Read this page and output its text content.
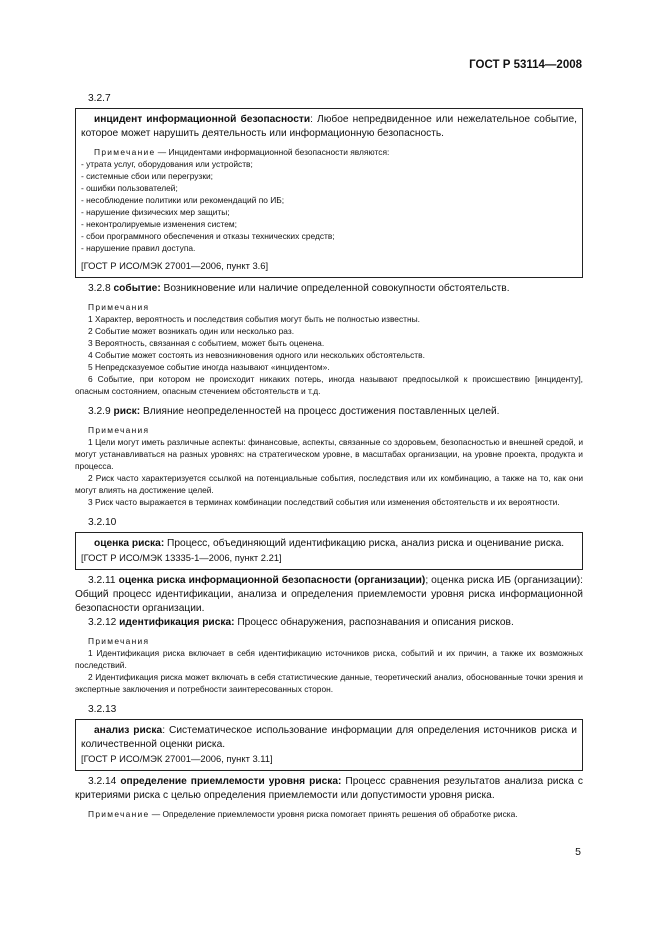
ГОСТ Р 53114—2008

3.2.7

инцидент информационной безопасности: Любое непредвиденное или нежелательное событие, которое может нарушить деятельность или информационную безопасность.

Примечание — Инцидентами информационной безопасности являются:

- утрата услуг, оборудования или устройств;

- системные сбои или перегрузки;

- ошибки пользователей;

- несоблюдение политики или рекомендаций по ИБ;

- нарушение физических мер защиты;

- неконтролируемые изменения систем;

- сбои программного обеспечения и отказы технических средств;

- нарушение правил доступа.

[ГОСТ Р ИСО/МЭК 27001—2006, пункт 3.6]

3.2.8 событие: Возникновение или наличие определенной совокупности обстоятельств.

Примечания

1 Характер, вероятность и последствия события могут быть не полностью известны.

2 Событие может возникать один или несколько раз.

3 Вероятность, связанная с событием, может быть оценена.

4 Событие может состоять из невозникновения одного или нескольких обстоятельств.

5 Непредсказуемое событие иногда называют «инцидентом».

6 Событие, при котором не происходит никаких потерь, иногда называют предпосылкой к происшествию [инциденту], опасным состоянием, опасным стечением обстоятельств и т.д.

3.2.9 риск: Влияние неопределенностей на процесс достижения поставленных целей.

Примечания

1 Цели могут иметь различные аспекты: финансовые, аспекты, связанные со здоровьем, безопасностью и внешней средой, и могут устанавливаться на разных уровнях: на стратегическом уровне, в масштабах организации, на уровне проекта, продукта и процесса.

2 Риск часто характеризуется ссылкой на потенциальные события, последствия или их комбинацию, а также на то, как они могут влиять на достижение целей.

3 Риск часто выражается в терминах комбинации последствий события или изменения обстоятельств и их вероятности.

3.2.10

оценка риска: Процесс, объединяющий идентификацию риска, анализ риска и оценивание риска.

[ГОСТ Р ИСО/МЭК 13335-1—2006, пункт 2.21]

3.2.11 оценка риска информационной безопасности (организации); оценка риска ИБ (организации): Общий процесс идентификации, анализа и определения приемлемости уровня риска информационной безопасности организации.

3.2.12 идентификация риска: Процесс обнаружения, распознавания и описания рисков.

Примечания

1 Идентификация риска включает в себя идентификацию источников риска, событий и их причин, а также их возможных последствий.

2 Идентификация риска может включать в себя статистические данные, теоретический анализ, обоснованные точки зрения и экспертные заключения и потребности заинтересованных сторон.

3.2.13

анализ риска: Систематическое использование информации для определения источников риска и количественной оценки риска.

[ГОСТ Р ИСО/МЭК 27001—2006, пункт 3.11]

3.2.14 определение приемлемости уровня риска: Процесс сравнения результатов анализа риска с критериями риска с целью определения приемлемости или допустимости уровня риска.

Примечание — Определение приемлемости уровня риска помогает принять решения об обработке риска.

5
